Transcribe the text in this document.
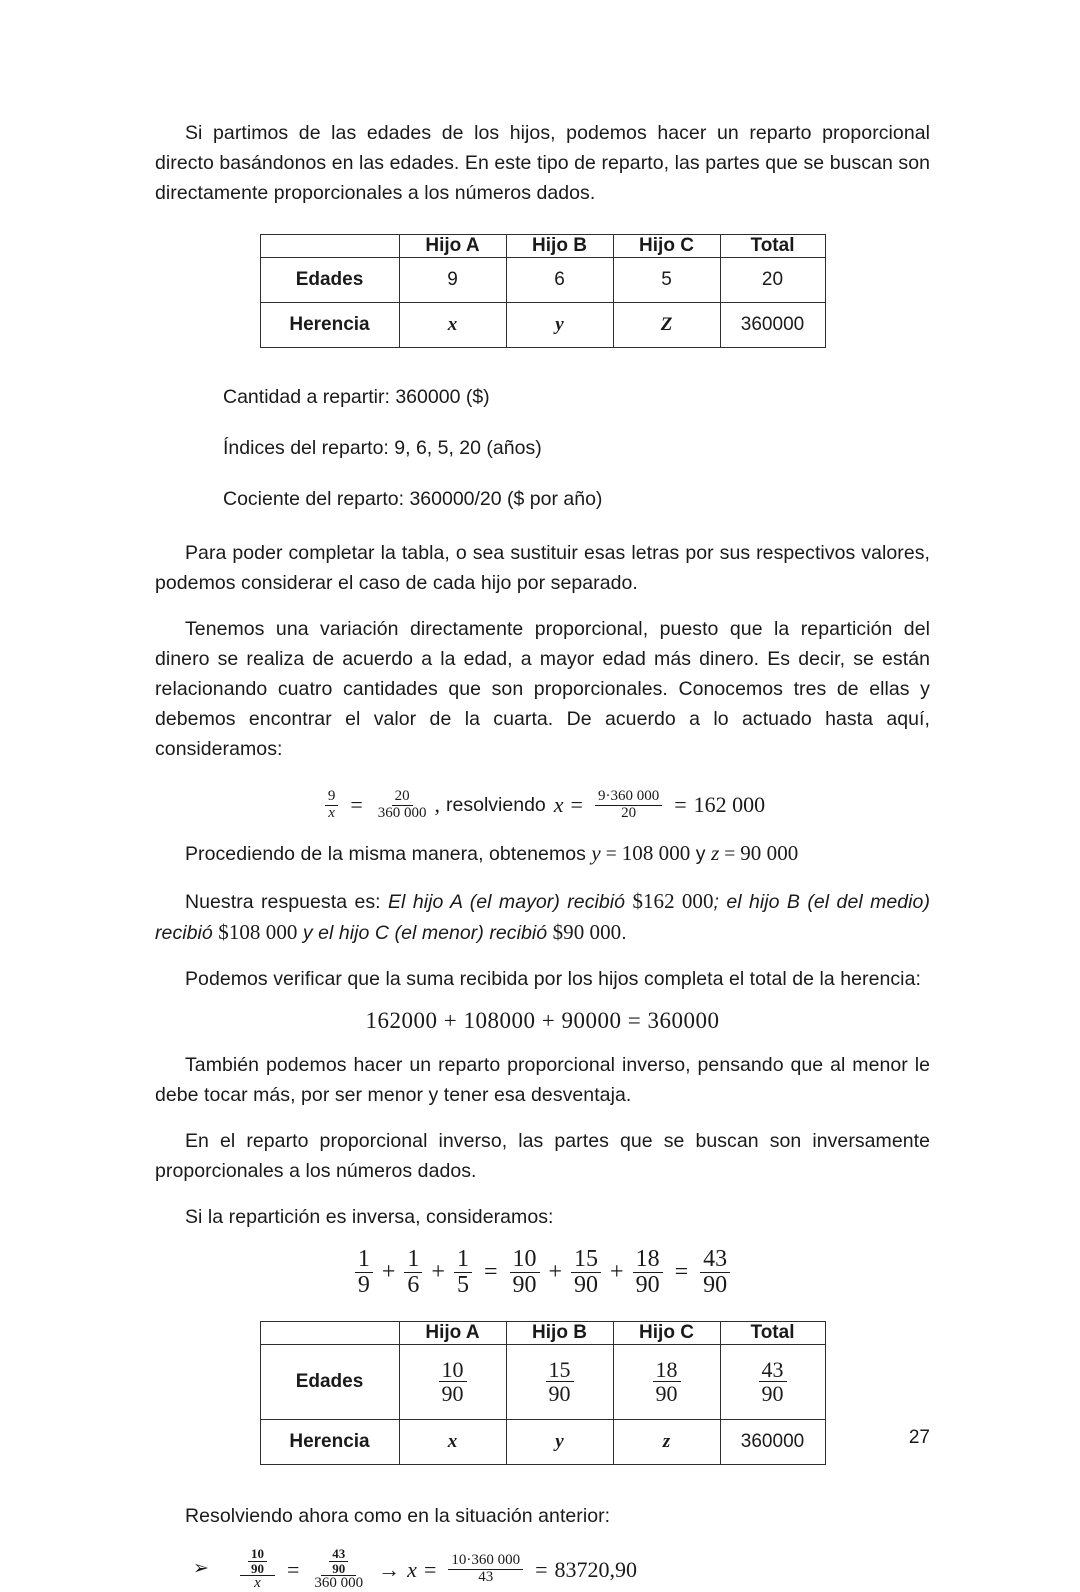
Si partimos de las edades de los hijos, podemos hacer un reparto proporcional directo basándonos en las edades. En este tipo de reparto, las partes que se buscan son directamente proporcionales a los números dados.

	Hijo A	Hijo B	Hijo C	Total
Edades	9	6	5	20
Herencia	x	y	Z	360000
Cantidad a repartir: 360000 ($)
Índices del reparto: 9, 6, 5, 20 (años)
Cociente del reparto: 360000/20 ($ por año)

Para poder completar la tabla, o sea sustituir esas letras por sus respectivos valores, podemos considerar el caso de cada hijo por separado.

Tenemos una variación directamente proporcional, puesto que la repartición del dinero se realiza de acuerdo a la edad, a mayor edad más dinero. Es decir, se están relacionando cuatro cantidades que son proporcionales. Conocemos tres de ellas y debemos encontrar el valor de la cuarta. De acuerdo a lo actuado hasta aquí, consideramos:

$\frac{9}{x} = \frac{20}{360 000}$ , resolviendo $x = \frac{9\cdot 360 000}{20} = 162$ 000

Procediendo de la misma manera, obtenemos y = 108 000 y z = 90 000

Nuestra respuesta es: El hijo A (el mayor) recibió $162 000; el hijo B (el del medio) recibió $108 000 y el hijo C (el menor) recibió $90 000.

Podemos verificar que la suma recibida por los hijos completa el total de la herencia:

162000 + 108000 + 90000 = 360000

También podemos hacer un reparto proporcional inverso, pensando que al menor le debe tocar más, por ser menor y tener esa desventaja.

En el reparto proporcional inverso, las partes que se buscan son inversamente proporcionales a los números dados.

Si la repartición es inversa, consideramos:

$\frac{1}{9} + \frac{1}{6} + \frac{1}{5} = \frac{10}{90} + \frac{15}{90} + \frac{18}{90} = \frac{43}{90}$
	Hijo A	Hijo B	Hijo C	Total
Edades	$\frac{10}{90}$	$\frac{15}{90}$	$\frac{18}{90}$	$\frac{43}{90}$

Herencia	x	y	z	360000

Resolviendo ahora como en la situación anterior:

➢	$\frac{\frac{10}{90}}{x} = \frac{\frac{43}{90}}{360 000} \to x = \frac{10\cdot 360 000}{43} = 83720,90$
27
